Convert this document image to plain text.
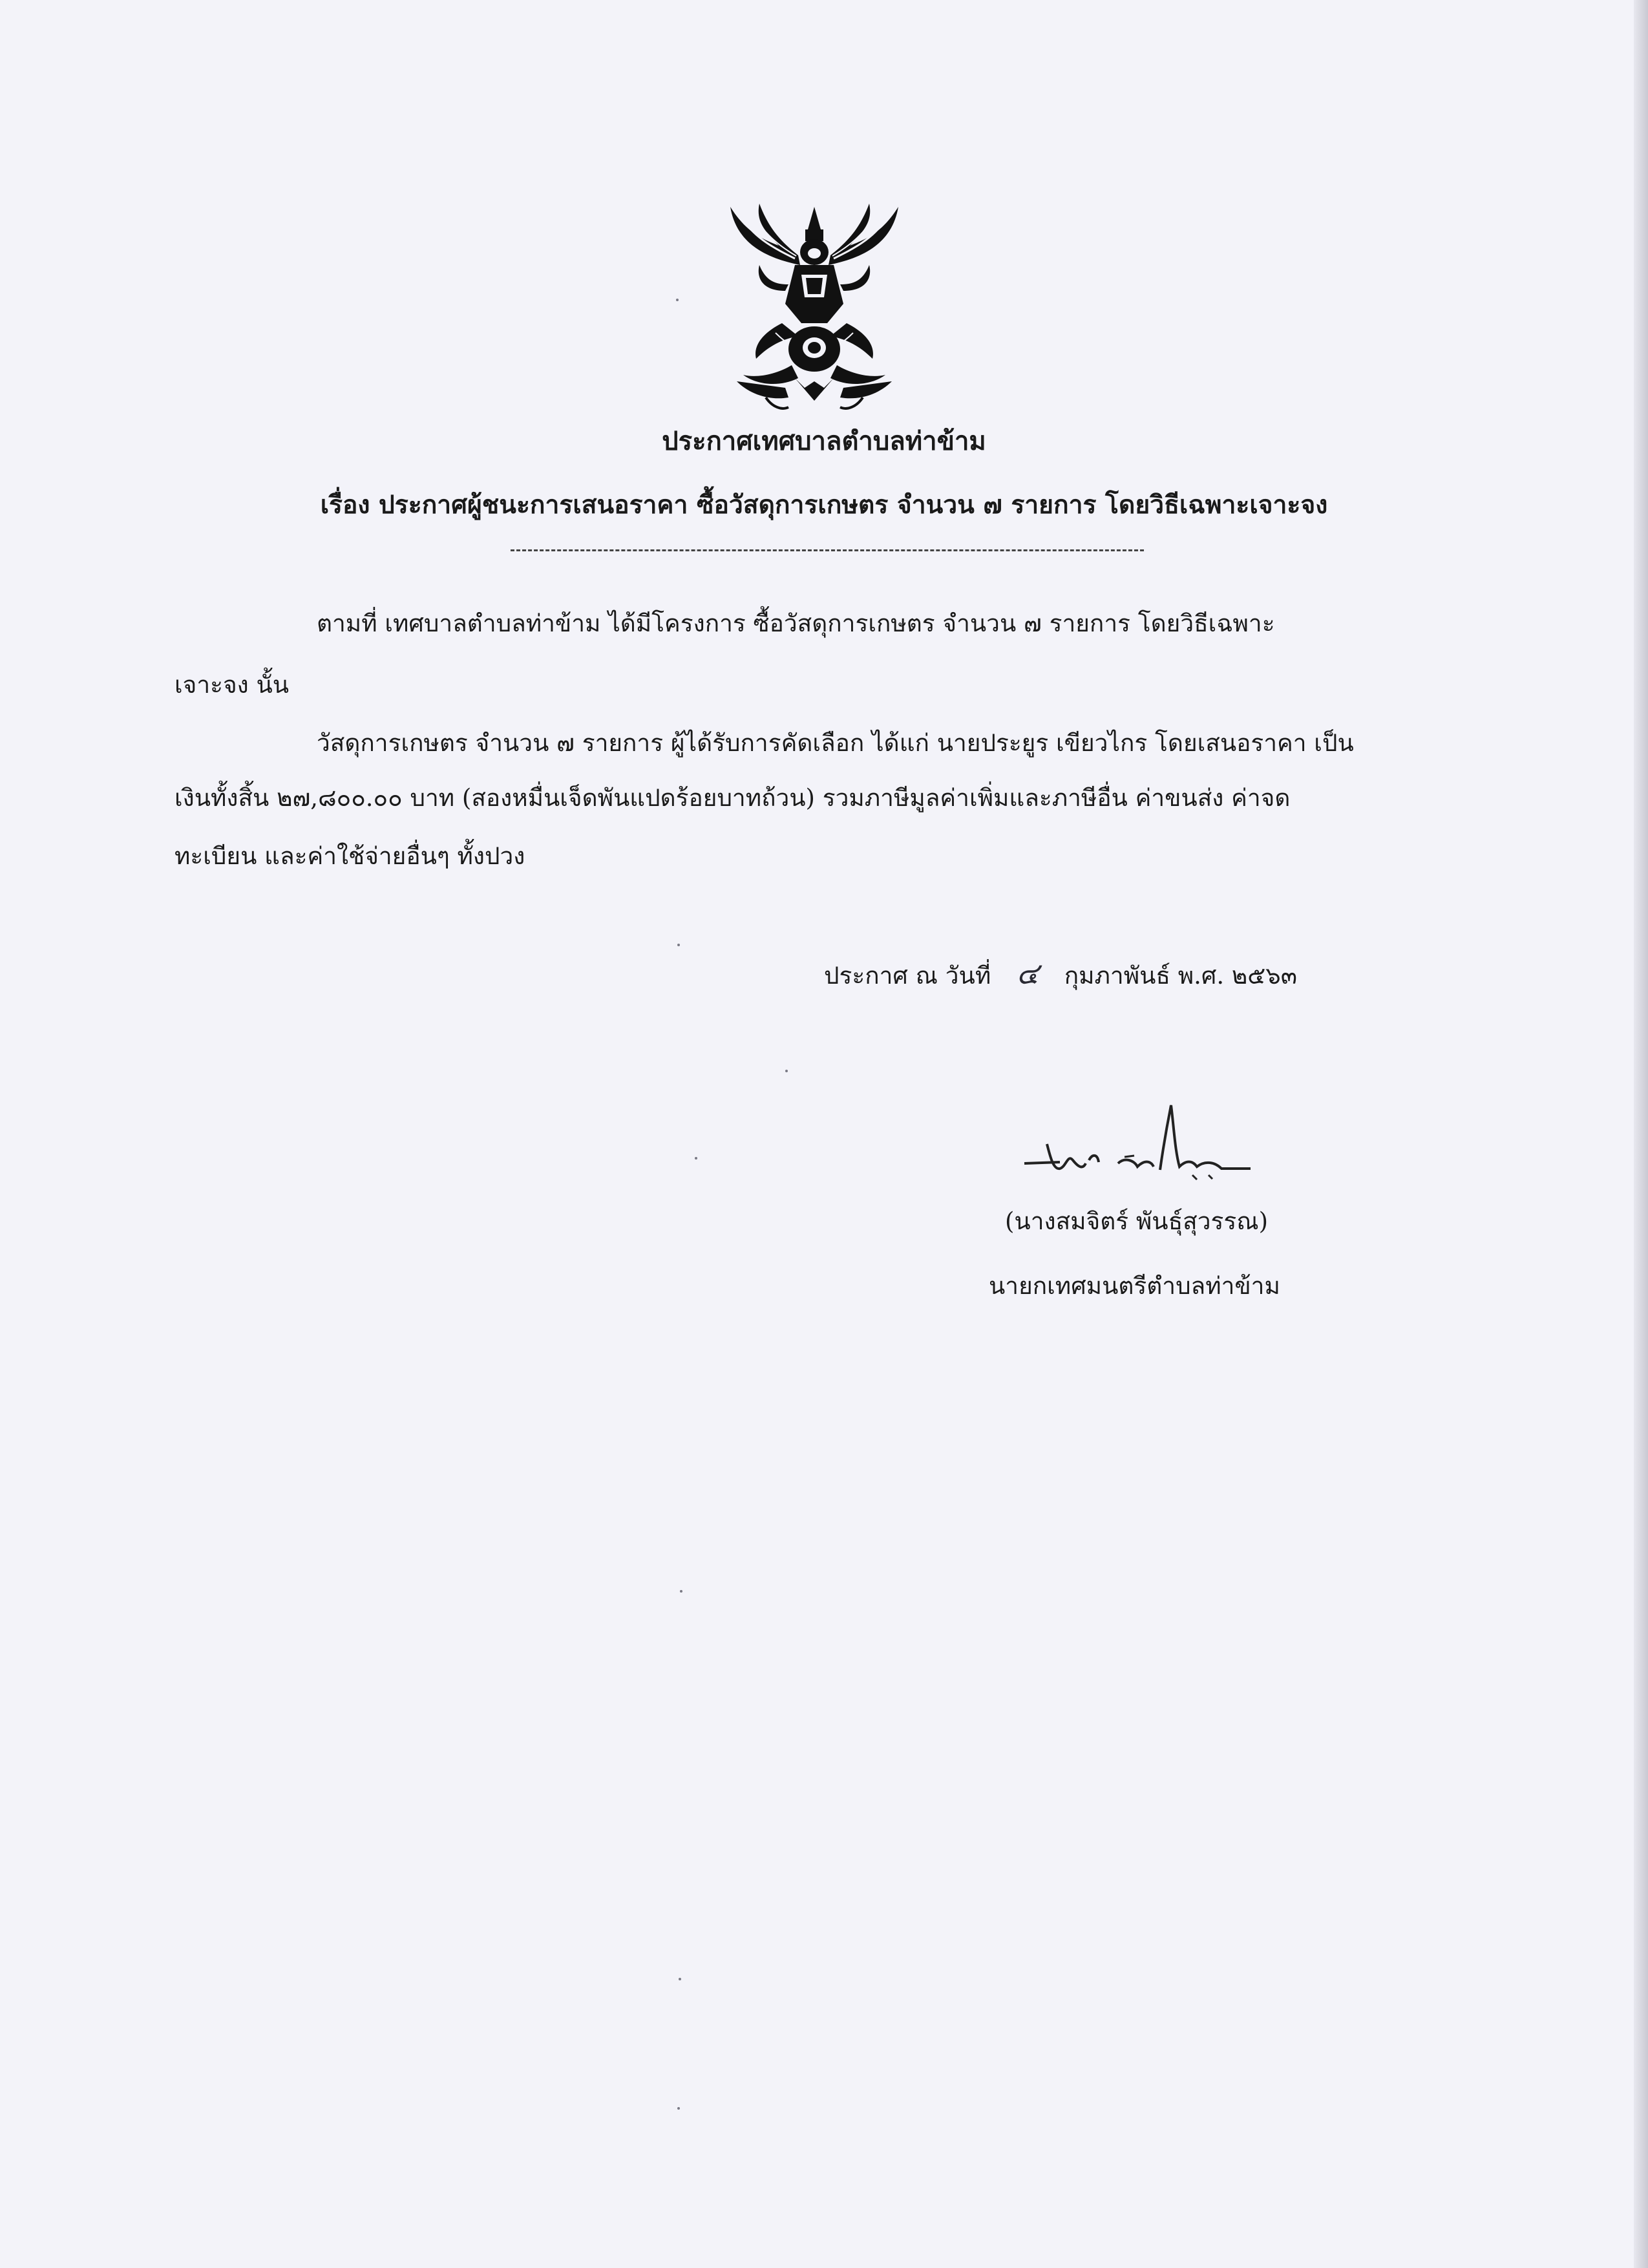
ประกาศเทศบาลตำบลท่าข้าม
เรื่อง ประกาศผู้ชนะการเสนอราคา ซื้อวัสดุการเกษตร จำนวน ๗ รายการ โดยวิธีเฉพาะเจาะจง
ตามที่ เทศบาลตำบลท่าข้าม ได้มีโครงการ ซื้อวัสดุการเกษตร จำนวน ๗ รายการ โดยวิธีเฉพาะ
เจาะจง นั้น
วัสดุการเกษตร จำนวน ๗ รายการ ผู้ได้รับการคัดเลือก ได้แก่ นายประยูร เขียวไกร โดยเสนอราคา เป็น
เงินทั้งสิ้น ๒๗,๘๐๐.๐๐ บาท (สองหมื่นเจ็ดพันแปดร้อยบาทถ้วน) รวมภาษีมูลค่าเพิ่มและภาษีอื่น ค่าขนส่ง ค่าจด
ทะเบียน และค่าใช้จ่ายอื่นๆ ทั้งปวง
ประกาศ ณ วันที่ ๔ กุมภาพันธ์ พ.ศ. ๒๕๖๓
(นางสมจิตร์ พันธุ์สุวรรณ)
นายกเทศมนตรีตำบลท่าข้าม
